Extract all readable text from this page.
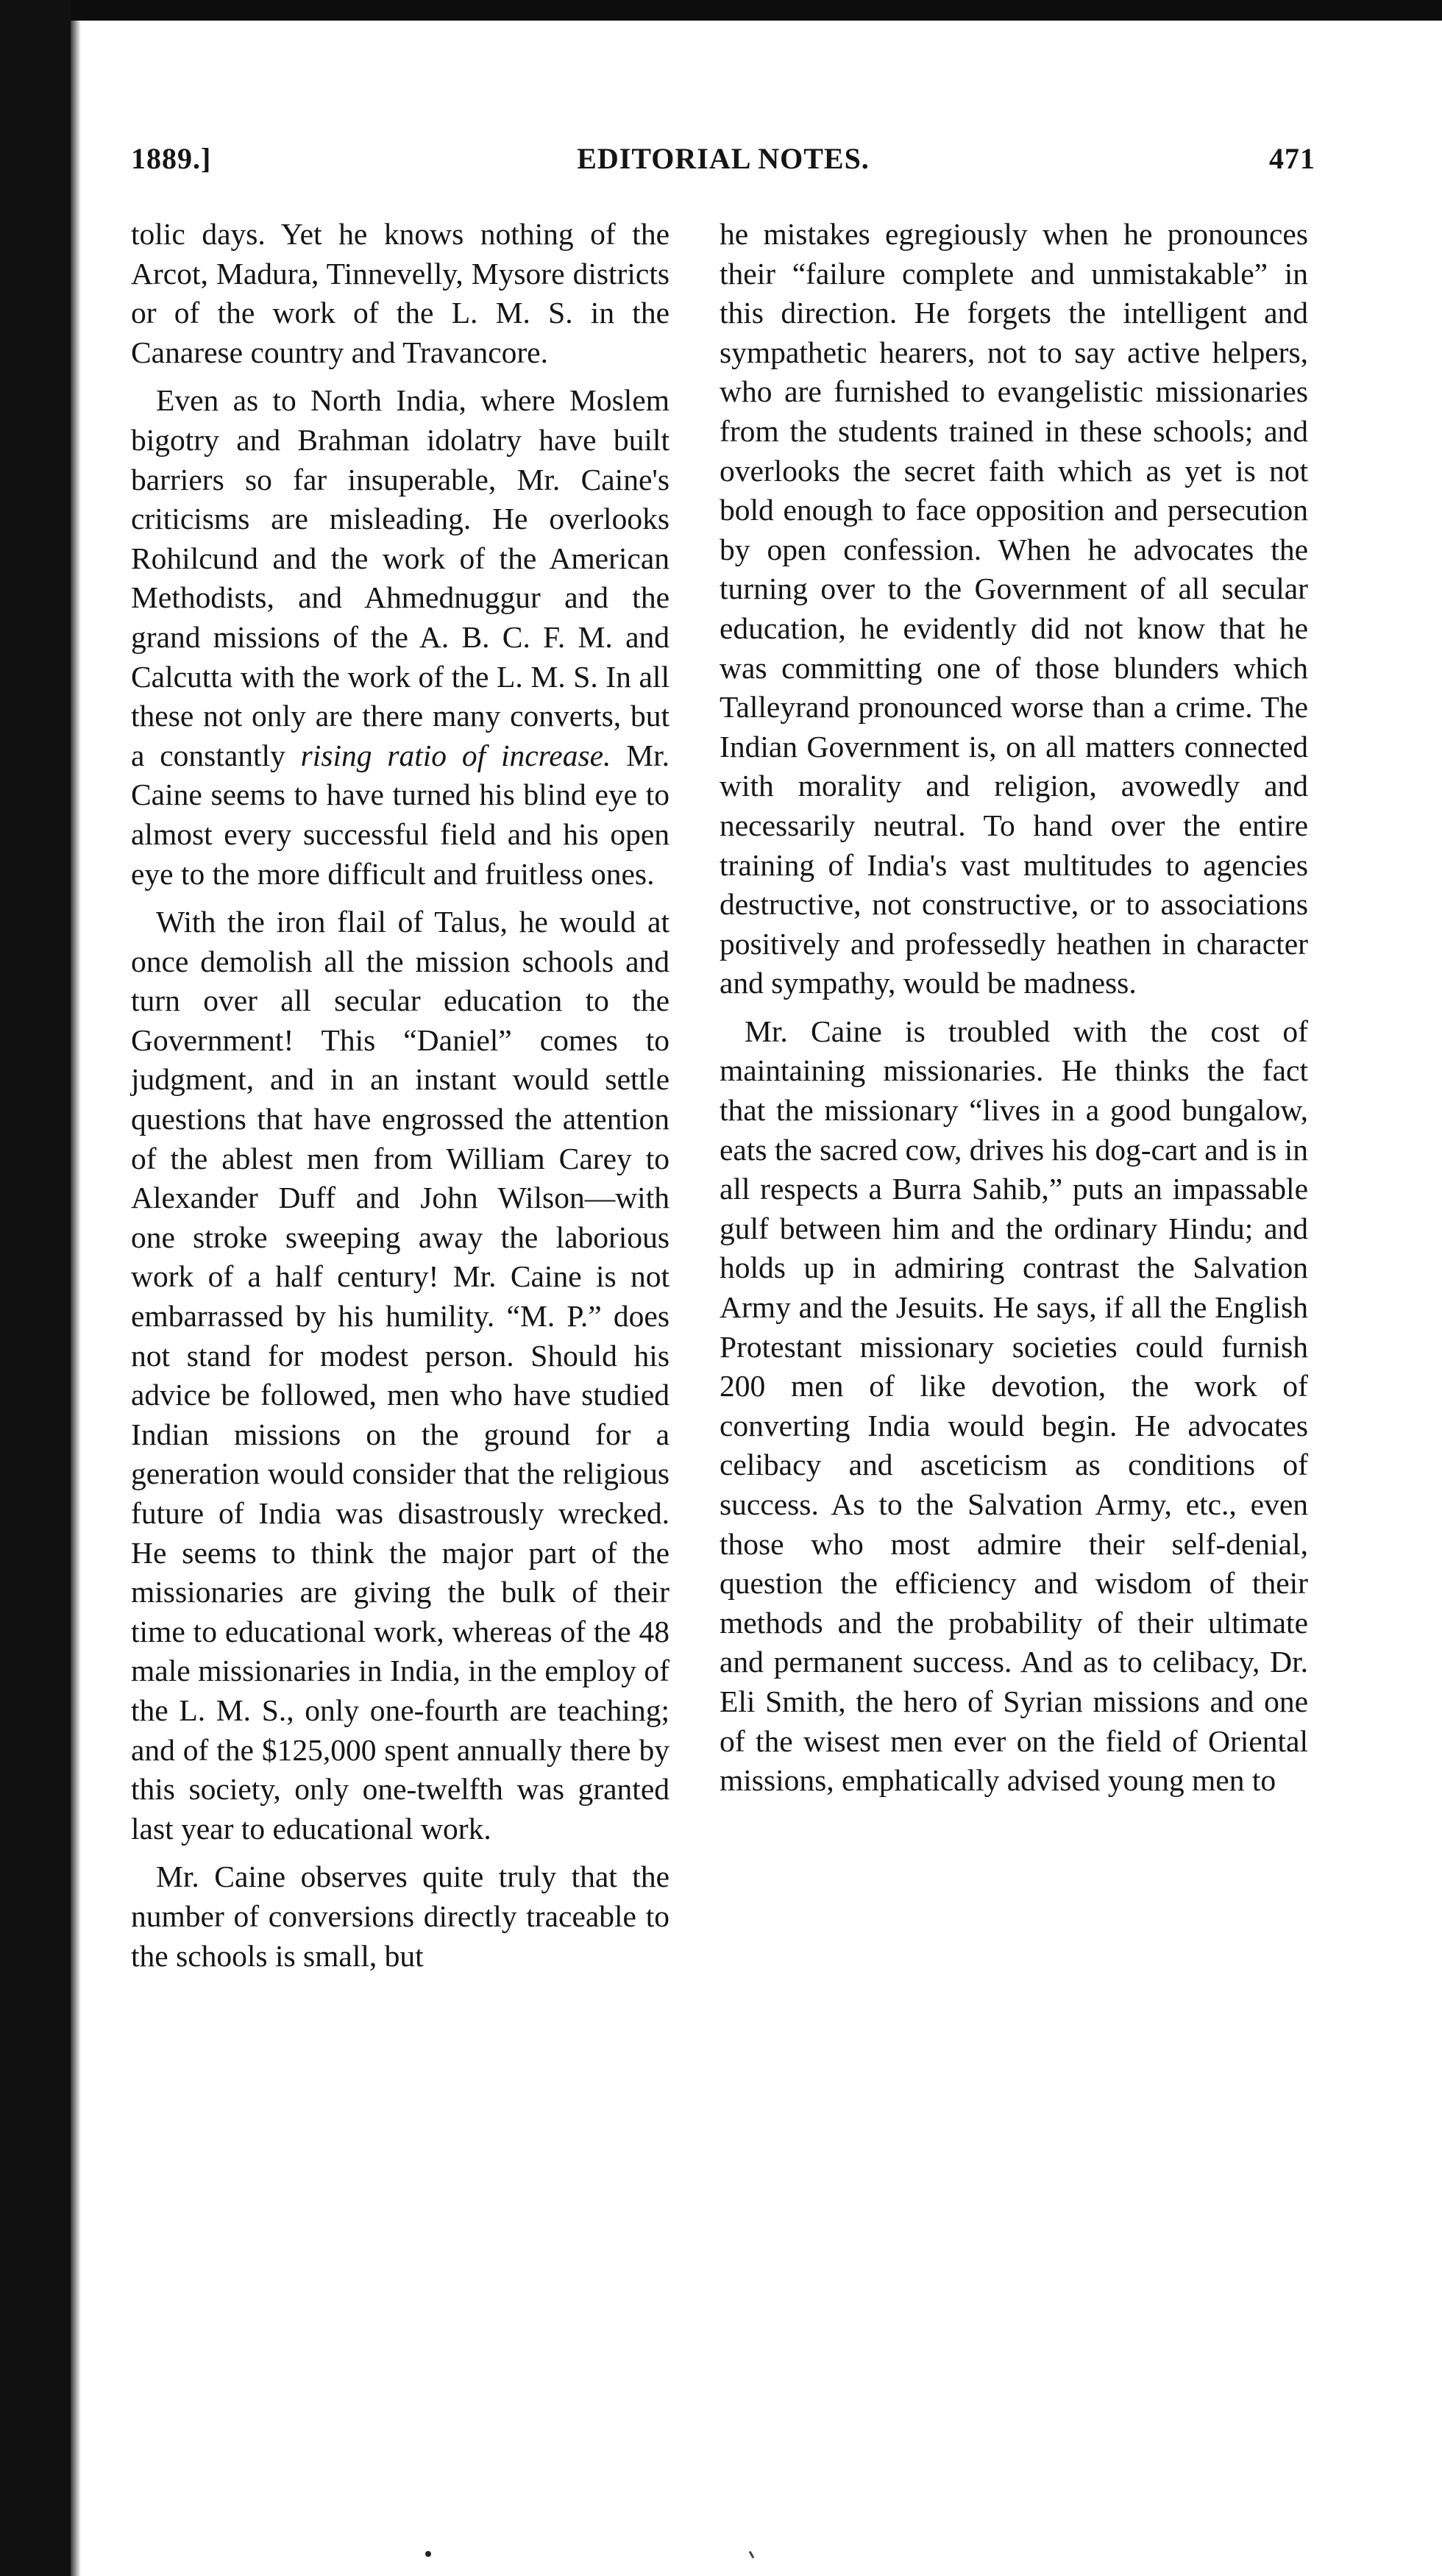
1889.]	EDITORIAL NOTES.	471

tolic days. Yet he knows nothing of the Arcot, Madura, Tinnevelly, Mysore districts or of the work of the L. M. S. in the Canarese country and Travancore.

Even as to North India, where Moslem bigotry and Brahman idolatry have built barriers so far insuperable, Mr. Caine's criticisms are misleading. He overlooks Rohilcund and the work of the American Methodists, and Ahmednuggur and the grand missions of the A. B. C. F. M. and Calcutta with the work of the L. M. S. In all these not only are there many converts, but a constantly rising ratio of increase. Mr. Caine seems to have turned his blind eye to almost every successful field and his open eye to the more difficult and fruitless ones.

With the iron flail of Talus, he would at once demolish all the mission schools and turn over all secular education to the Government! This “Daniel” comes to judgment, and in an instant would settle questions that have engrossed the attention of the ablest men from William Carey to Alexander Duff and John Wilson—with one stroke sweeping away the laborious work of a half century! Mr. Caine is not embarrassed by his humility. “M. P.” does not stand for modest person. Should his advice be followed, men who have studied Indian missions on the ground for a generation would consider that the religious future of India was disastrously wrecked. He seems to think the major part of the missionaries are giving the bulk of their time to educational work, whereas of the 48 male missionaries in India, in the employ of the L. M. S., only one-fourth are teaching; and of the $125,000 spent annually there by this society, only one-twelfth was granted last year to educational work.

Mr. Caine observes quite truly that the number of conversions directly traceable to the schools is small, but

he mistakes egregiously when he pronounces their “failure complete and unmistakable” in this direction. He forgets the intelligent and sympathetic hearers, not to say active helpers, who are furnished to evangelistic missionaries from the students trained in these schools; and overlooks the secret faith which as yet is not bold enough to face opposition and persecution by open confession. When he advocates the turning over to the Government of all secular education, he evidently did not know that he was committing one of those blunders which Talleyrand pronounced worse than a crime. The Indian Government is, on all matters connected with morality and religion, avowedly and necessarily neutral. To hand over the entire training of India's vast multitudes to agencies destructive, not constructive, or to associations positively and professedly heathen in character and sympathy, would be madness.

Mr. Caine is troubled with the cost of maintaining missionaries. He thinks the fact that the missionary “lives in a good bungalow, eats the sacred cow, drives his dog-cart and is in all respects a Burra Sahib,” puts an impassable gulf between him and the ordinary Hindu; and holds up in admiring contrast the Salvation Army and the Jesuits. He says, if all the English Protestant missionary societies could furnish 200 men of like devotion, the work of converting India would begin. He advocates celibacy and asceticism as conditions of success. As to the Salvation Army, etc., even those who most admire their self-denial, question the efficiency and wisdom of their methods and the probability of their ultimate and permanent success. And as to celibacy, Dr. Eli Smith, the hero of Syrian missions and one of the wisest men ever on the field of Oriental missions, emphatically advised young men to
